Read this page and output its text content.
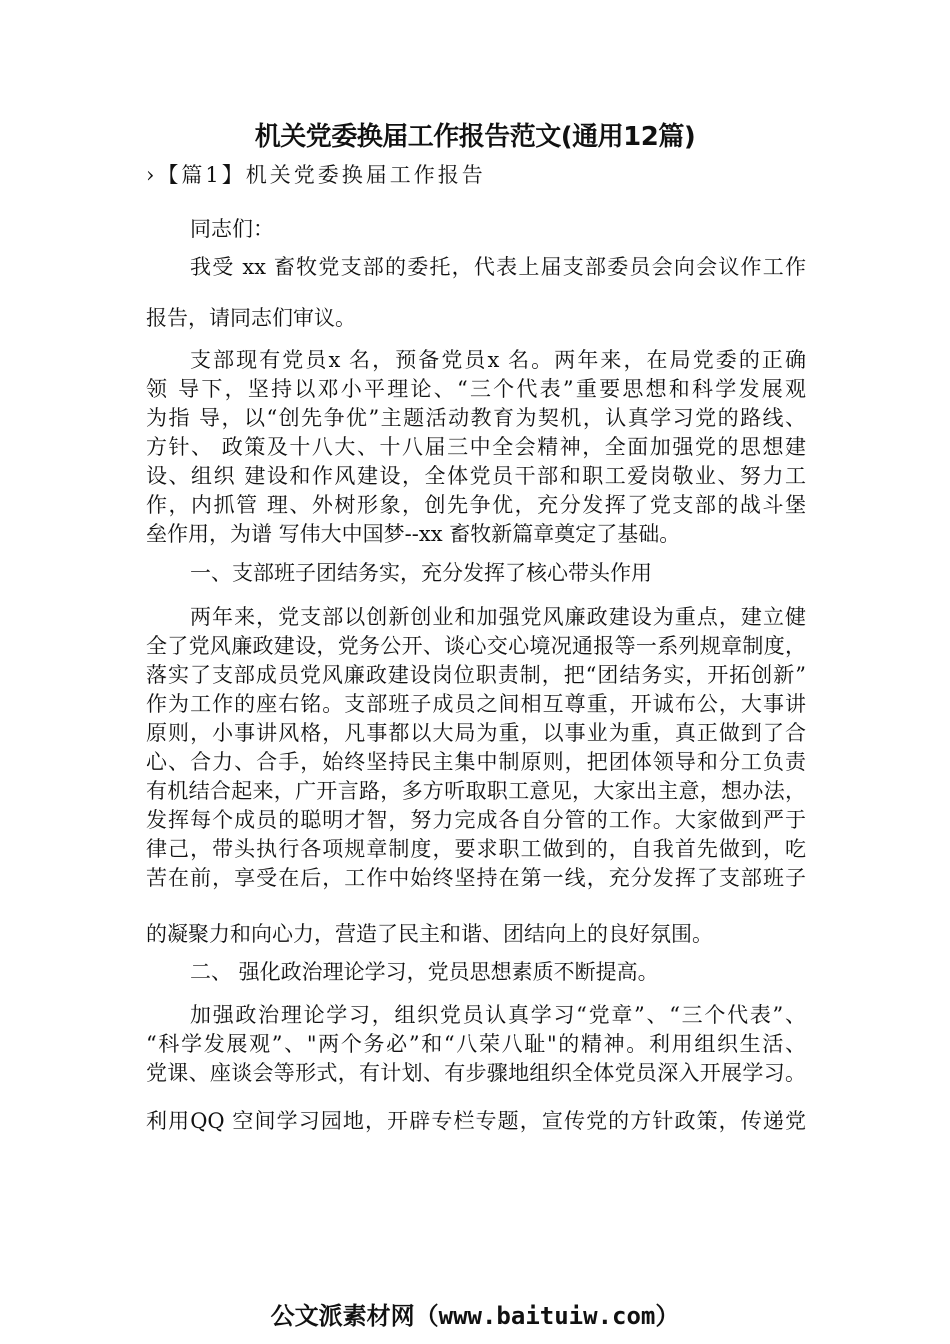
机关党委换届工作报告范文(通用12篇)
›【篇1】机关党委换届工作报告
同志们：
我受 xx 畜牧党支部的委托，代表上届支部委员会向会议作工作
报告，请同志们审议。
支部现有党员x 名，预备党员x 名。两年来，在局党委的正确
领 导下，坚持以邓小平理论、“三个代表”重要思想和科学发展观
为指 导，以“创先争优”主题活动教育为契机，认真学习党的路线、
方针、 政策及十八大、十八届三中全会精神，全面加强党的思想建
设、组织 建设和作风建设，全体党员干部和职工爱岗敬业、努力工
作，内抓管 理、外树形象，创先争优，充分发挥了党支部的战斗堡
垒作用，为谱 写伟大中国梦--xx 畜牧新篇章奠定了基础。
一、支部班子团结务实，充分发挥了核心带头作用
两年来，党支部以创新创业和加强党风廉政建设为重点，建立健
全了党风廉政建设，党务公开、谈心交心境况通报等一系列规章制度，
落实了支部成员党风廉政建设岗位职责制，把“团结务实，开拓创新”
作为工作的座右铭。支部班子成员之间相互尊重，开诚布公，大事讲
原则，小事讲风格，凡事都以大局为重，以事业为重，真正做到了合
心、合力、合手，始终坚持民主集中制原则，把团体领导和分工负责
有机结合起来，广开言路，多方听取职工意见，大家出主意，想办法，
发挥每个成员的聪明才智，努力完成各自分管的工作。大家做到严于
律己，带头执行各项规章制度，要求职工做到的，自我首先做到，吃
苦在前，享受在后，工作中始终坚持在第一线，充分发挥了支部班子
的凝聚力和向心力，营造了民主和谐、团结向上的良好氛围。
二、 强化政治理论学习，党员思想素质不断提高。
加强政治理论学习，组织党员认真学习“党章”、“三个代表”、
“科学发展观”、"两个务必”和“八荣八耻"的精神。利用组织生活、
党课、座谈会等形式，有计划、有步骤地组织全体党员深入开展学习。
利用QQ 空间学习园地，开辟专栏专题，宣传党的方针政策，传递党
公文派素材网（www.baituiw.com）
